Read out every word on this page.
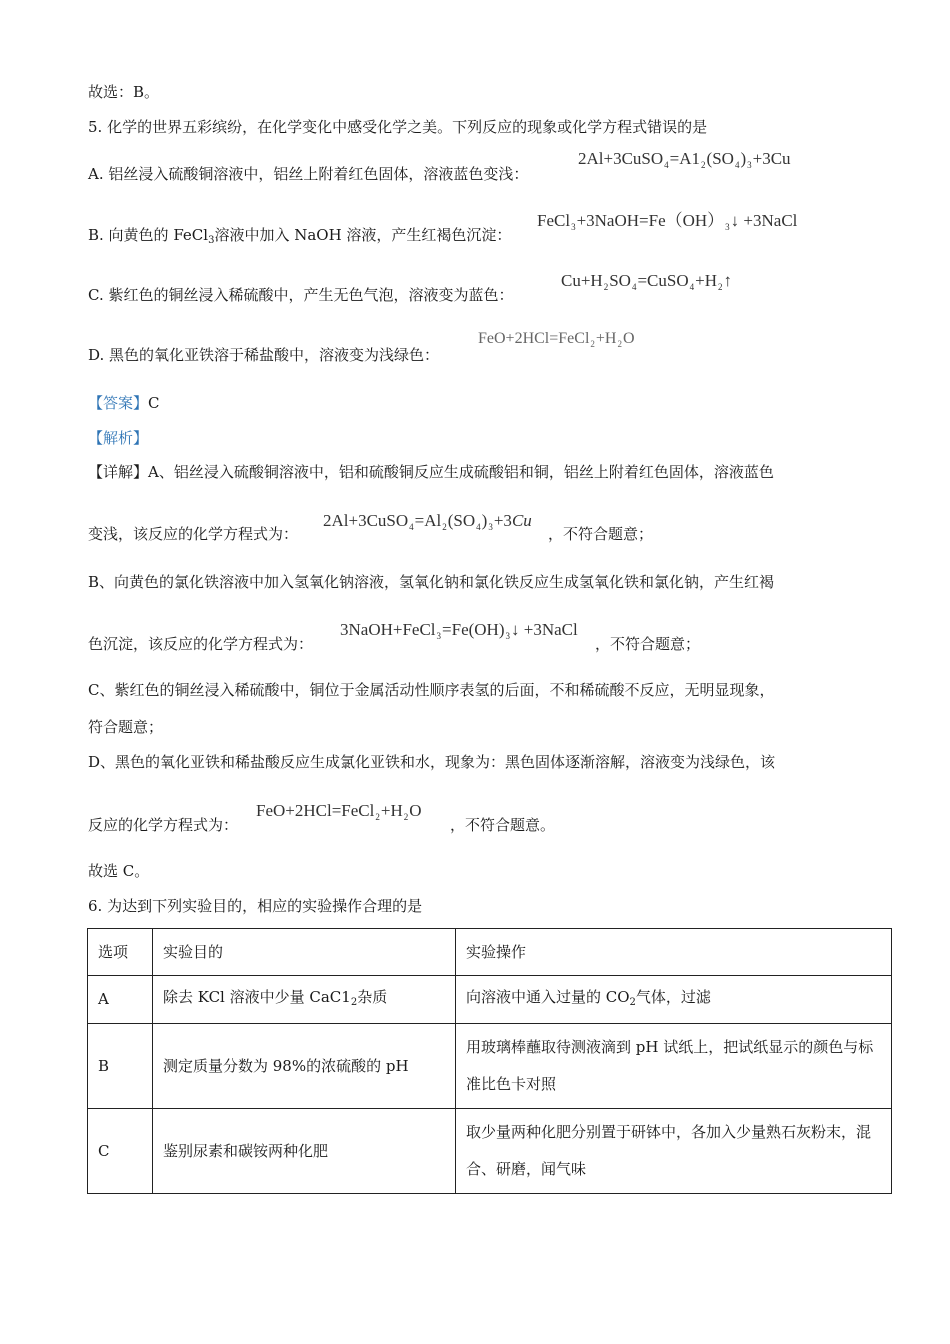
故选：B。
5. 化学的世界五彩缤纷，在化学变化中感受化学之美。下列反应的现象或化学方程式错误的是
A. 铝丝浸入硫酸铜溶液中，铝丝上附着红色固体，溶液蓝色变浅：
$2Al+3CuSO_4=A1_2(SO_4)_3+3Cu$
B. 向黄色的 FeCl$_3$溶液中加入 NaOH 溶液，产生红褐色沉淀：
$FeCl_3+3NaOH=Fe(OH)_3↓$ +3NaCl
C. 紫红色的铜丝浸入稀硫酸中，产生无色气泡，溶液变为蓝色：
$Cu+H_2SO_4=CuSO_4+H_2↑$
D. 黑色的氧化亚铁溶于稀盐酸中，溶液变为浅绿色：
$FeO+2HCl=FeCl_2+H_2O$
【答案】C
【解析】
【详解】A、铝丝浸入硫酸铜溶液中，铝和硫酸铜反应生成硫酸铝和铜，铝丝上附着红色固体，溶液蓝色
变浅，该反应的化学方程式为：	，不符合题意；
$2Al+3CuSO_4=Al_2(SO_4)_3+3Cu$
B、向黄色的氯化铁溶液中加入氢氧化钠溶液，氢氧化钠和氯化铁反应生成氢氧化铁和氯化钠，产生红褐
色沉淀，该反应的化学方程式为：	，不符合题意；
$3NaOH+FeCl_3=Fe(OH)_3↓$ +3NaCl
C、紫红色的铜丝浸入稀硫酸中，铜位于金属活动性顺序表氢的后面，不和稀硫酸不反应，无明显现象，
符合题意；
D、黑色的氧化亚铁和稀盐酸反应生成氯化亚铁和水，现象为：黑色固体逐渐溶解，溶液变为浅绿色，该
反应的化学方程式为：	，不符合题意。
$FeO+2HCl=FeCl_2+H_2O$
故选 C。
6. 为达到下列实验目的，相应的实验操作合理的是
选项	实验目的	实验操作
A	除去 KCl 溶液中少量 $CaC1_2$杂质	向溶液中通入过量的 $CO_2$气体，过滤
B	测定质量分数为 98%的浓硫酸的 pH	用玻璃棒蘸取待测液滴到 pH 试纸上，把试纸显示的颜色与标准比色卡对照
C	鉴别尿素和碳铵两种化肥	取少量两种化肥分别置于研钵中，各加入少量熟石灰粉末，混合、研磨，闻气味
